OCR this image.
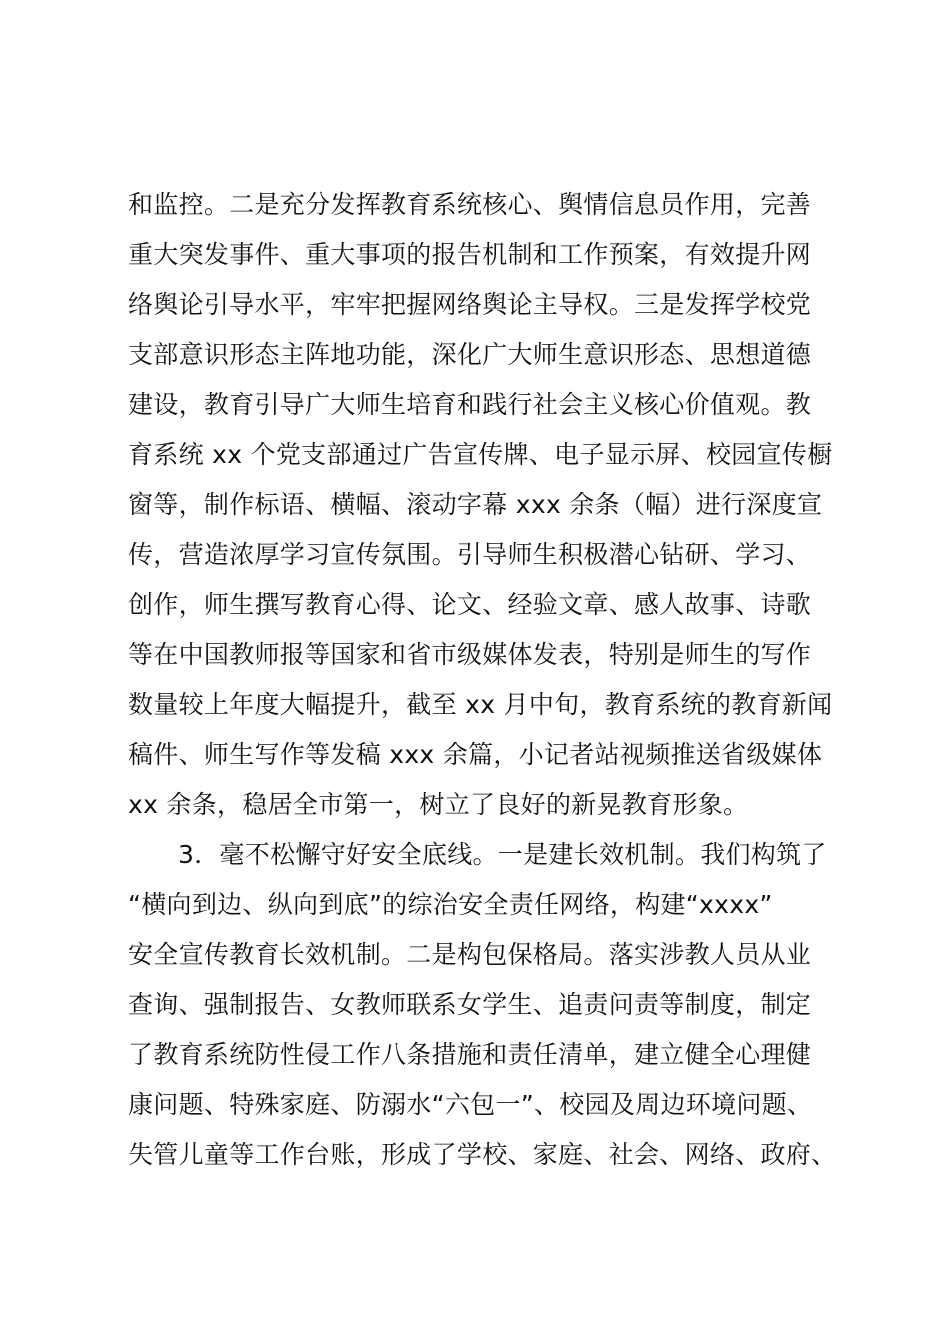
和监控。二是充分发挥教育系统核心、舆情信息员作用，完善
重大突发事件、重大事项的报告机制和工作预案，有效提升网
络舆论引导水平，牢牢把握网络舆论主导权。三是发挥学校党
支部意识形态主阵地功能，深化广大师生意识形态、思想道德
建设，教育引导广大师生培育和践行社会主义核心价值观。教
育系统 xx 个党支部通过广告宣传牌、电子显示屏、校园宣传橱
窗等，制作标语、横幅、滚动字幕 xxx 余条（幅）进行深度宣
传，营造浓厚学习宣传氛围。引导师生积极潜心钻研、学习、
创作，师生撰写教育心得、论文、经验文章、感人故事、诗歌
等在中国教师报等国家和省市级媒体发表，特别是师生的写作
数量较上年度大幅提升，截至 xx 月中旬，教育系统的教育新闻
稿件、师生写作等发稿 xxx 余篇，小记者站视频推送省级媒体
xx 余条，稳居全市第一，树立了良好的新晃教育形象。
3．毫不松懈守好安全底线。一是建长效机制。我们构筑了
“横向到边、纵向到底”的综治安全责任网络，构建“xxxx”
安全宣传教育长效机制。二是构包保格局。落实涉教人员从业
查询、强制报告、女教师联系女学生、追责问责等制度，制定
了教育系统防性侵工作八条措施和责任清单，建立健全心理健
康问题、特殊家庭、防溺水“六包一”、校园及周边环境问题、
失管儿童等工作台账，形成了学校、家庭、社会、网络、政府、
